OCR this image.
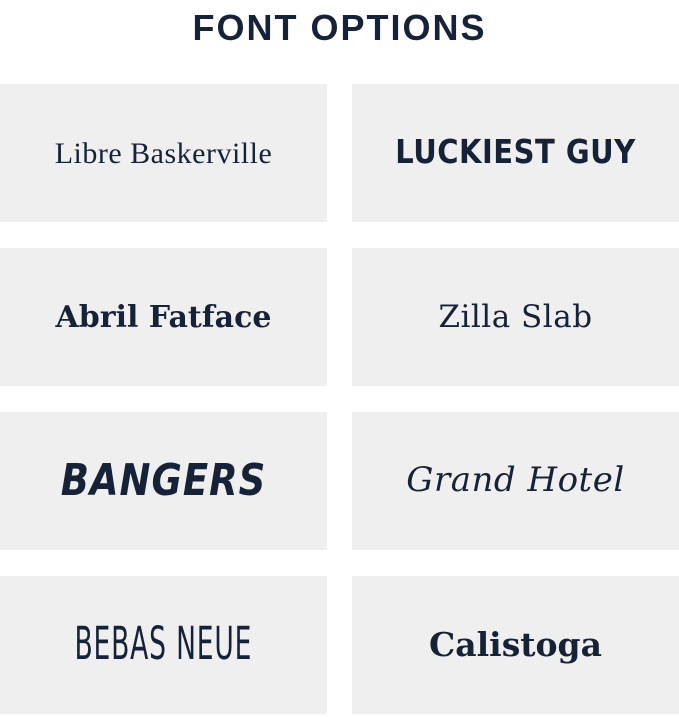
FONT OPTIONS
Libre Baskerville	LUCKIEST GUY
Abril Fatface	Zilla Slab
BANGERS	Grand Hotel
BEBAS NEUE	Calistoga
